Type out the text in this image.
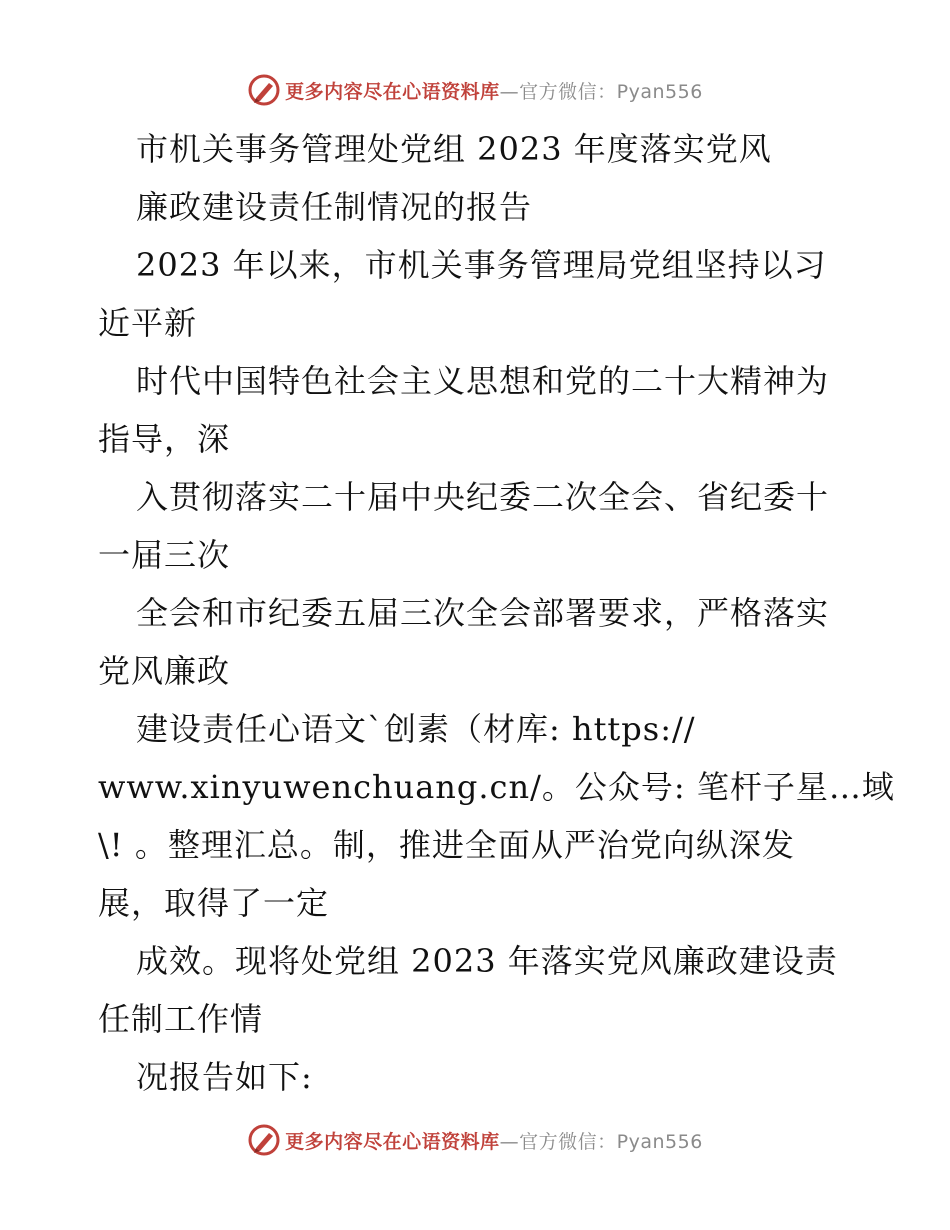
更多内容尽在心语资料库—官方微信：Pyan556
市机关事务管理处党组 2023 年度落实党风
廉政建设责任制情况的报告
2023 年以来，市机关事务管理局党组坚持以习
近平新
时代中国特色社会主义思想和党的二十大精神为
指导，深
入贯彻落实二十届中央纪委二次全会、省纪委十
一届三次
全会和市纪委五届三次全会部署要求，严格落实
党风廉政
建设责任心语文`创素（材库: https://
www.xinyuwenchuang.cn/。公众号: 笔杆子星…域
\! 。整理汇总。制，推进全面从严治党向纵深发
展，取得了一定
成效。现将处党组 2023 年落实党风廉政建设责
任制工作情
况报告如下:
更多内容尽在心语资料库—官方微信：Pyan556
